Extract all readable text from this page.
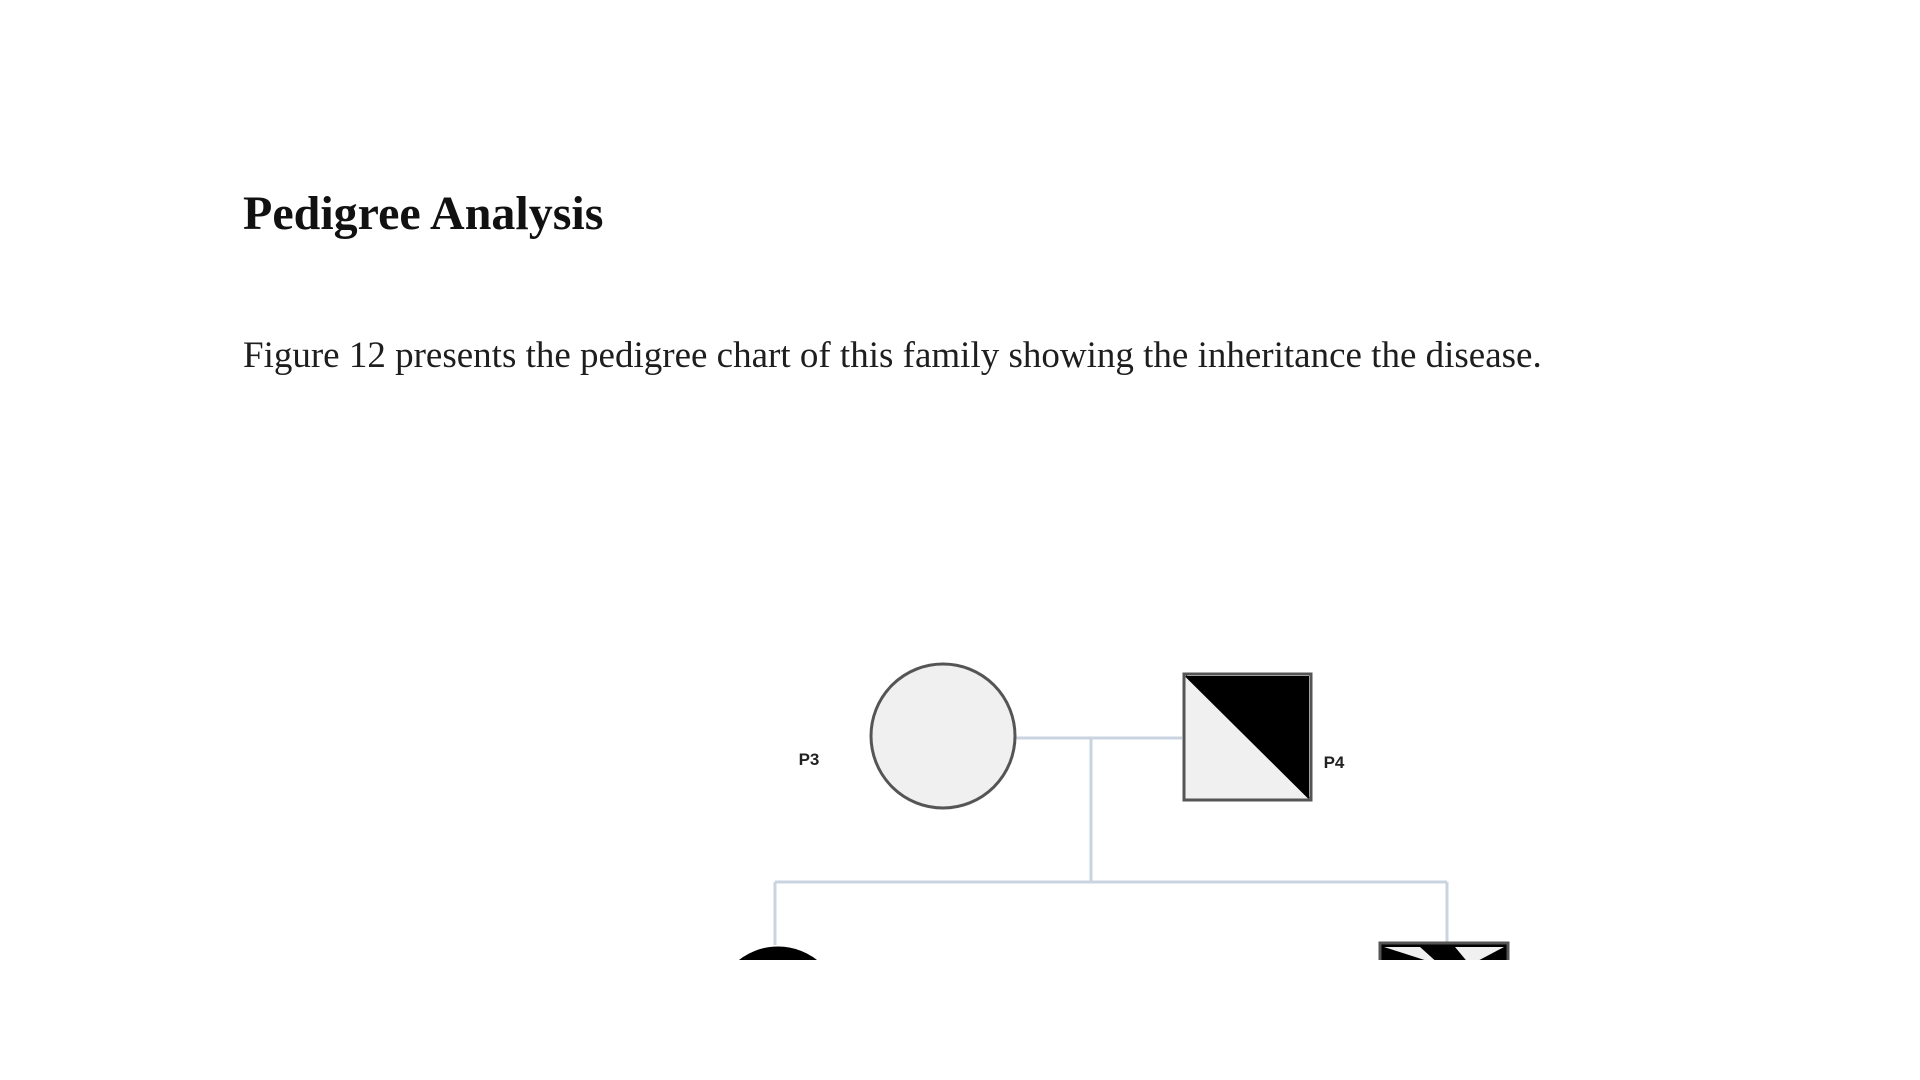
Pedigree Analysis

Figure 12 presents the pedigree chart of this family showing the inheritance the disease.

P3	P4
